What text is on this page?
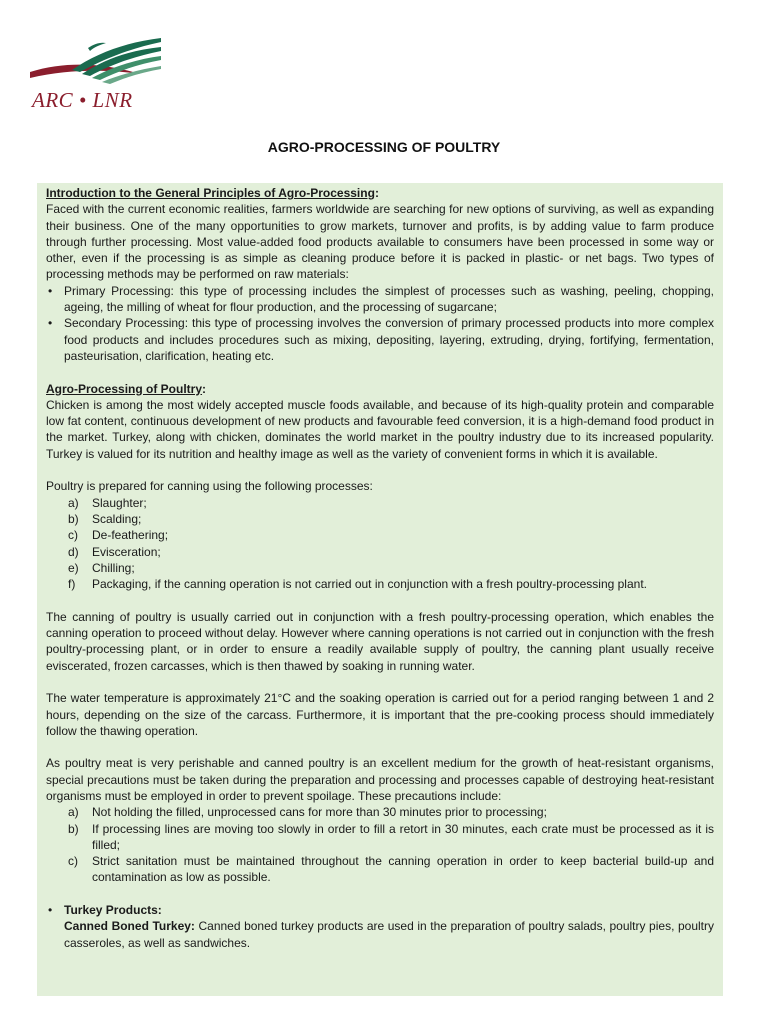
ARC • LNR
AGRO-PROCESSING OF POULTRY

Introduction to the General Principles of Agro-Processing:

Faced with the current economic realities, farmers worldwide are searching for new options of surviving, as well as expanding their business. One of the many opportunities to grow markets, turnover and profits, is by adding value to farm produce through further processing. Most value-added food products available to consumers have been processed in some way or other, even if the processing is as simple as cleaning produce before it is packed in plastic- or net bags. Two types of processing methods may be performed on raw materials:

• Primary Processing: this type of processing includes the simplest of processes such as washing, peeling, chopping, ageing, the milling of wheat for flour production, and the processing of sugarcane;
• Secondary Processing: this type of processing involves the conversion of primary processed products into more complex food products and includes procedures such as mixing, depositing, layering, extruding, drying, fortifying, fermentation, pasteurisation, clarification, heating etc.

Agro-Processing of Poultry:

Chicken is among the most widely accepted muscle foods available, and because of its high-quality protein and comparable low fat content, continuous development of new products and favourable feed conversion, it is a high-demand food product in the market. Turkey, along with chicken, dominates the world market in the poultry industry due to its increased popularity. Turkey is valued for its nutrition and healthy image as well as the variety of convenient forms in which it is available.

Poultry is prepared for canning using the following processes:

a) Slaughter;
b) Scalding;
c) De-feathering;
d) Evisceration;
e) Chilling;
f) Packaging, if the canning operation is not carried out in conjunction with a fresh poultry-processing plant.

The canning of poultry is usually carried out in conjunction with a fresh poultry-processing operation, which enables the canning operation to proceed without delay. However where canning operations is not carried out in conjunction with the fresh poultry-processing plant, or in order to ensure a readily available supply of poultry, the canning plant usually receive eviscerated, frozen carcasses, which is then thawed by soaking in running water.

The water temperature is approximately 21°C and the soaking operation is carried out for a period ranging between 1 and 2 hours, depending on the size of the carcass. Furthermore, it is important that the pre-cooking process should immediately follow the thawing operation.

As poultry meat is very perishable and canned poultry is an excellent medium for the growth of heat-resistant organisms, special precautions must be taken during the preparation and processing and processes capable of destroying heat-resistant organisms must be employed in order to prevent spoilage. These precautions include:

a) Not holding the filled, unprocessed cans for more than 30 minutes prior to processing;
b) If processing lines are moving too slowly in order to fill a retort in 30 minutes, each crate must be processed as it is filled;
c) Strict sanitation must be maintained throughout the canning operation in order to keep bacterial build-up and contamination as low as possible.
• Turkey Products:
Canned Boned Turkey: Canned boned turkey products are used in the preparation of poultry salads, poultry pies, poultry casseroles, as well as sandwiches.
